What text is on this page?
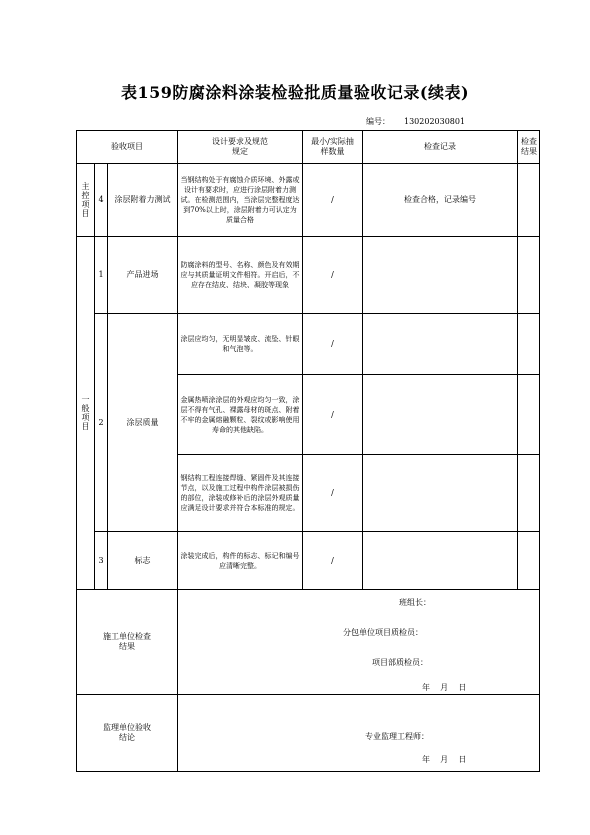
表159防腐涂料涂装检验批质量验收记录(续表)
编号： 130202030801
验收项目			设计要求及规范规定	最小/实际抽样数量	检查记录	检查结果

主控项目	4	涂层附着力测试	当钢结构处于有腐蚀介质环境、外露或设计有要求时，应进行涂层附着力测试。在检测范围内，当涂层完整程度达到70%以上时，涂层附着力可认定为质量合格	/	检查合格，记录编号	
一般项目	1	产品进场	防腐涂料的型号、名称、颜色及有效期应与其质量证明文件相符。开启后，不应存在结皮、结块、凝胶等现象	/		
	2	涂层质量	涂层应均匀，无明显皱皮、流坠、针眼和气泡等。	/		
			金属热喷涂涂层的外观应均匀一致，涂层不得有气孔、裸露母材的斑点、附着不牢的金属熔融颗粒、裂纹或影响使用寿命的其他缺陷。	/		
			钢结构工程连接焊缝、紧固件及其连接节点，以及施工过程中构件涂层被损伤的部位，涂装或修补后的涂层外观质量应满足设计要求并符合本标准的规定。	/		
	3	标志	涂装完成后，构件的标志、标记和编号应清晰完整。	/		

施工单位检查结果						

监理单位验收结论						

班组长：
分包单位项目质检员：
项目部质检员：
年    月    日
专业监理工程师：
年    月    日
